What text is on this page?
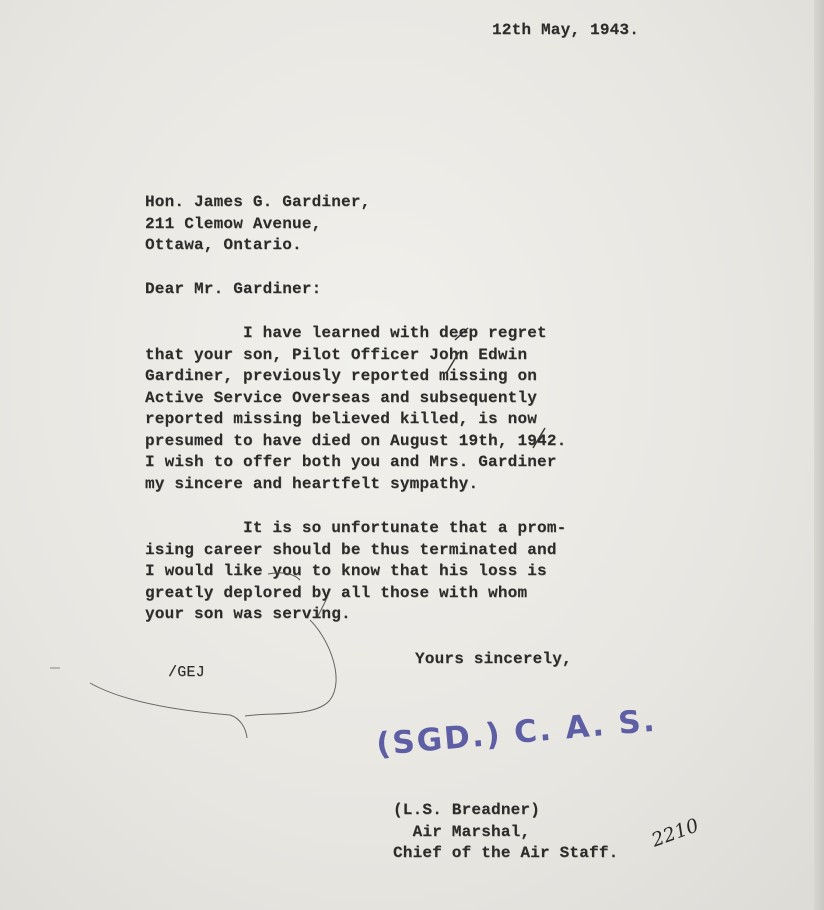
12th May, 1943.
Hon. James G. Gardiner,
211 Clemow Avenue,
Ottawa, Ontario.
Dear Mr. Gardiner:
I have learned with deep regret
that your son, Pilot Officer John Edwin
Gardiner, previously reported missing on
Active Service Overseas and subsequently
reported missing believed killed, is now
presumed to have died on August 19th, 1942.
I wish to offer both you and Mrs. Gardiner
my sincere and heartfelt sympathy.
It is so unfortunate that a prom-
ising career should be thus terminated and
I would like you to know that his loss is
greatly deplored by all those with whom
your son was serving.
Yours sincerely,
/GEJ
(SGD.) C. A. S.
(L.S. Breadner)
Air Marshal,
Chief of the Air Staff.
2210
